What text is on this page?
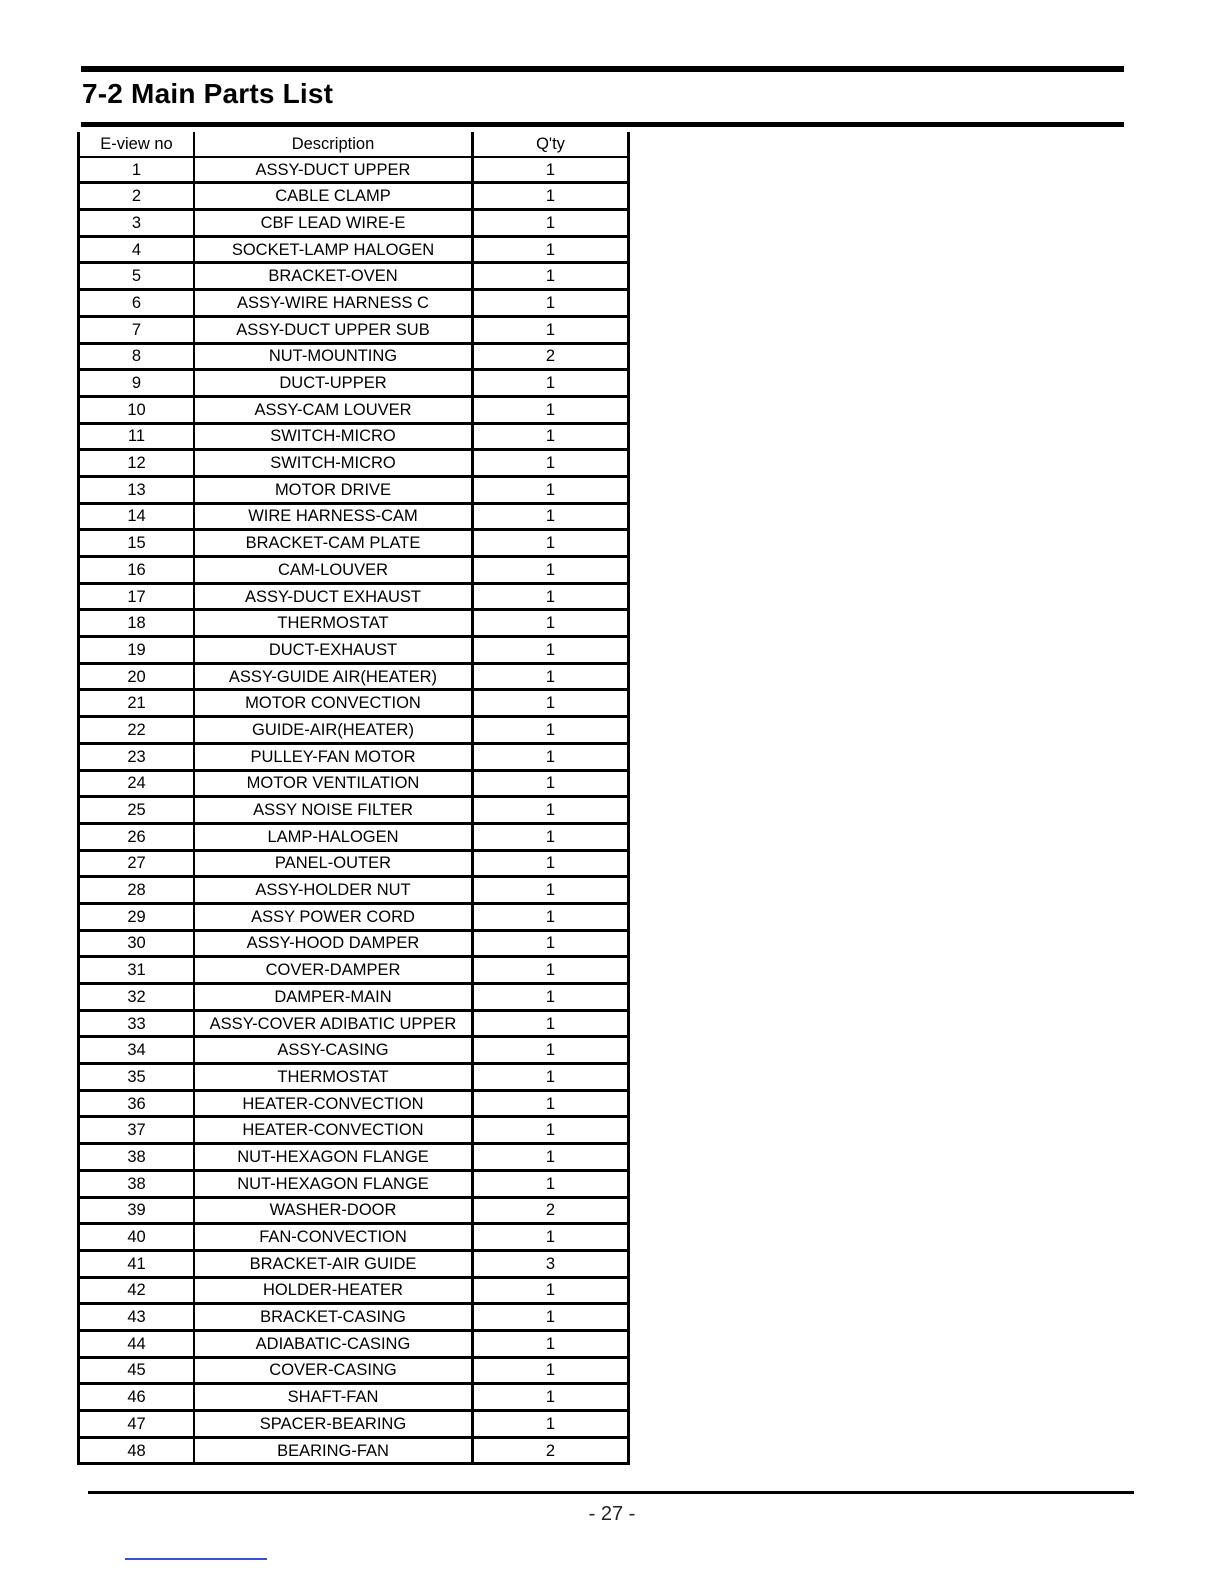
7-2 Main Parts List
E-view no	Description	Q'ty
1	ASSY-DUCT UPPER	1
2	CABLE CLAMP	1
3	CBF LEAD WIRE-E	1
4	SOCKET-LAMP HALOGEN	1
5	BRACKET-OVEN	1
6	ASSY-WIRE HARNESS C	1
7	ASSY-DUCT UPPER SUB	1
8	NUT-MOUNTING	2
9	DUCT-UPPER	1
10	ASSY-CAM LOUVER	1
11	SWITCH-MICRO	1
12	SWITCH-MICRO	1
13	MOTOR DRIVE	1
14	WIRE HARNESS-CAM	1
15	BRACKET-CAM PLATE	1
16	CAM-LOUVER	1
17	ASSY-DUCT EXHAUST	1
18	THERMOSTAT	1
19	DUCT-EXHAUST	1
20	ASSY-GUIDE AIR(HEATER)	1
21	MOTOR CONVECTION	1
22	GUIDE-AIR(HEATER)	1
23	PULLEY-FAN MOTOR	1
24	MOTOR VENTILATION	1
25	ASSY NOISE FILTER	1
26	LAMP-HALOGEN	1
27	PANEL-OUTER	1
28	ASSY-HOLDER NUT	1
29	ASSY POWER CORD	1
30	ASSY-HOOD DAMPER	1
31	COVER-DAMPER	1
32	DAMPER-MAIN	1
33	ASSY-COVER ADIBATIC UPPER	1
34	ASSY-CASING	1
35	THERMOSTAT	1
36	HEATER-CONVECTION	1
37	HEATER-CONVECTION	1
38	NUT-HEXAGON FLANGE	1
38	NUT-HEXAGON FLANGE	1
39	WASHER-DOOR	2
40	FAN-CONVECTION	1
41	BRACKET-AIR GUIDE	3
42	HOLDER-HEATER	1
43	BRACKET-CASING	1
44	ADIABATIC-CASING	1
45	COVER-CASING	1
46	SHAFT-FAN	1
47	SPACER-BEARING	1
48	BEARING-FAN	2
- 27 -
